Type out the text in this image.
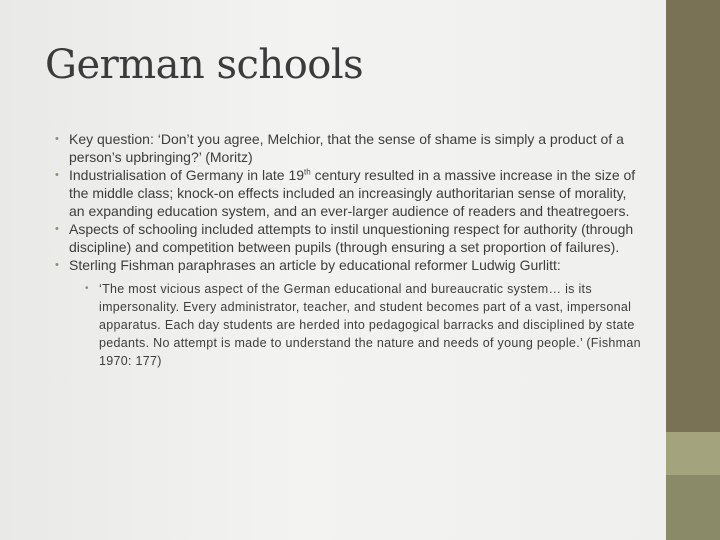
German schools
• Key question: ‘Don’t you agree, Melchior, that the sense of shame is simply a product of a person’s upbringing?’ (Moritz)
• Industrialisation of Germany in late 19th century resulted in a massive increase in the size of the middle class; knock-on effects included an increasingly authoritarian sense of morality, an expanding education system, and an ever-larger audience of readers and theatregoers.
• Aspects of schooling included attempts to instil unquestioning respect for authority (through discipline) and competition between pupils (through ensuring a set proportion of failures).
• Sterling Fishman paraphrases an article by educational reformer Ludwig Gurlitt:
• ‘The most vicious aspect of the German educational and bureaucratic system… is its impersonality. Every administrator, teacher, and student becomes part of a vast, impersonal apparatus. Each day students are herded into pedagogical barracks and disciplined by state pedants. No attempt is made to understand the nature and needs of young people.’ (Fishman 1970: 177)
